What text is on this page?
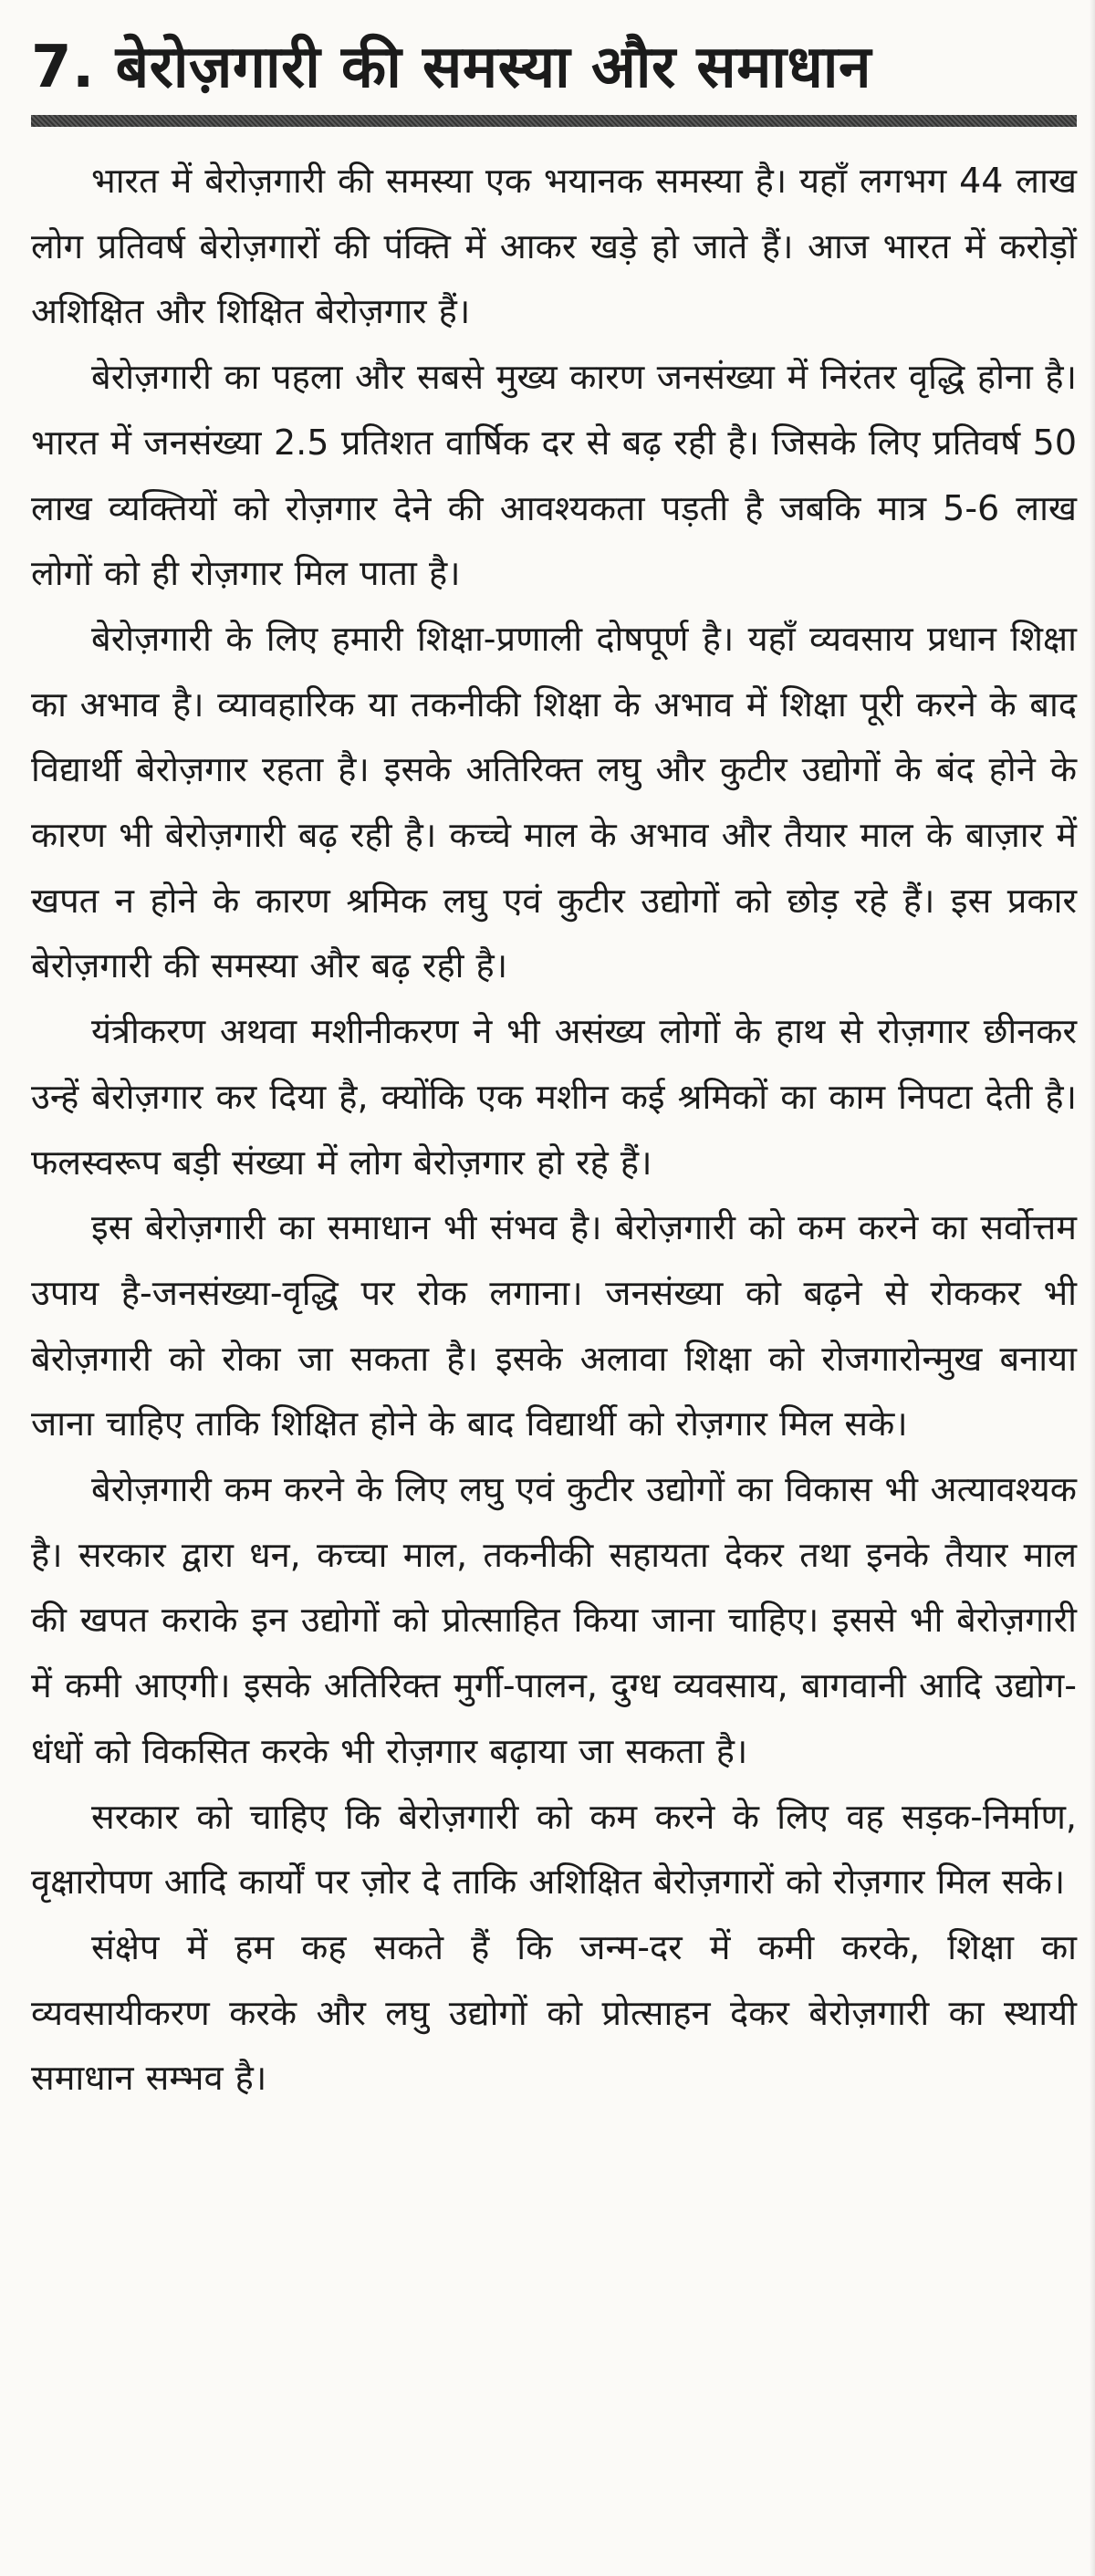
7. बेरोज़गारी की समस्या और समाधान

भारत में बेरोज़गारी की समस्या एक भयानक समस्या है। यहाँ लगभग 44 लाख लोग प्रतिवर्ष बेरोज़गारों की पंक्ति में आकर खड़े हो जाते हैं। आज भारत में करोड़ों अशिक्षित और शिक्षित बेरोज़गार हैं।

बेरोज़गारी का पहला और सबसे मुख्य कारण जनसंख्या में निरंतर वृद्धि होना है। भारत में जनसंख्या 2.5 प्रतिशत वार्षिक दर से बढ़ रही है। जिसके लिए प्रतिवर्ष 50 लाख व्यक्तियों को रोज़गार देने की आवश्यकता पड़ती है जबकि मात्र 5-6 लाख लोगों को ही रोज़गार मिल पाता है।

बेरोज़गारी के लिए हमारी शिक्षा-प्रणाली दोषपूर्ण है। यहाँ व्यवसाय प्रधान शिक्षा का अभाव है। व्यावहारिक या तकनीकी शिक्षा के अभाव में शिक्षा पूरी करने के बाद विद्यार्थी बेरोज़गार रहता है। इसके अतिरिक्त लघु और कुटीर उद्योगों के बंद होने के कारण भी बेरोज़गारी बढ़ रही है। कच्चे माल के अभाव और तैयार माल के बाज़ार में खपत न होने के कारण श्रमिक लघु एवं कुटीर उद्योगों को छोड़ रहे हैं। इस प्रकार बेरोज़गारी की समस्या और बढ़ रही है।

यंत्रीकरण अथवा मशीनीकरण ने भी असंख्य लोगों के हाथ से रोज़गार छीनकर उन्हें बेरोज़गार कर दिया है, क्योंकि एक मशीन कई श्रमिकों का काम निपटा देती है। फलस्वरूप बड़ी संख्या में लोग बेरोज़गार हो रहे हैं।

इस बेरोज़गारी का समाधान भी संभव है। बेरोज़गारी को कम करने का सर्वोत्तम उपाय है-जनसंख्या-वृद्धि पर रोक लगाना। जनसंख्या को बढ़ने से रोककर भी बेरोज़गारी को रोका जा सकता है। इसके अलावा शिक्षा को रोजगारोन्मुख बनाया जाना चाहिए ताकि शिक्षित होने के बाद विद्यार्थी को रोज़गार मिल सके।

बेरोज़गारी कम करने के लिए लघु एवं कुटीर उद्योगों का विकास भी अत्यावश्यक है। सरकार द्वारा धन, कच्चा माल, तकनीकी सहायता देकर तथा इनके तैयार माल की खपत कराके इन उद्योगों को प्रोत्साहित किया जाना चाहिए। इससे भी बेरोज़गारी में कमी आएगी। इसके अतिरिक्त मुर्गी-पालन, दुग्ध व्यवसाय, बागवानी आदि उद्योग-धंधों को विकसित करके भी रोज़गार बढ़ाया जा सकता है।

सरकार को चाहिए कि बेरोज़गारी को कम करने के लिए वह सड़क-निर्माण, वृक्षारोपण आदि कार्यों पर ज़ोर दे ताकि अशिक्षित बेरोज़गारों को रोज़गार मिल सके।

संक्षेप में हम कह सकते हैं कि जन्म-दर में कमी करके, शिक्षा का व्यवसायीकरण करके और लघु उद्योगों को प्रोत्साहन देकर बेरोज़गारी का स्थायी समाधान सम्भव है।
